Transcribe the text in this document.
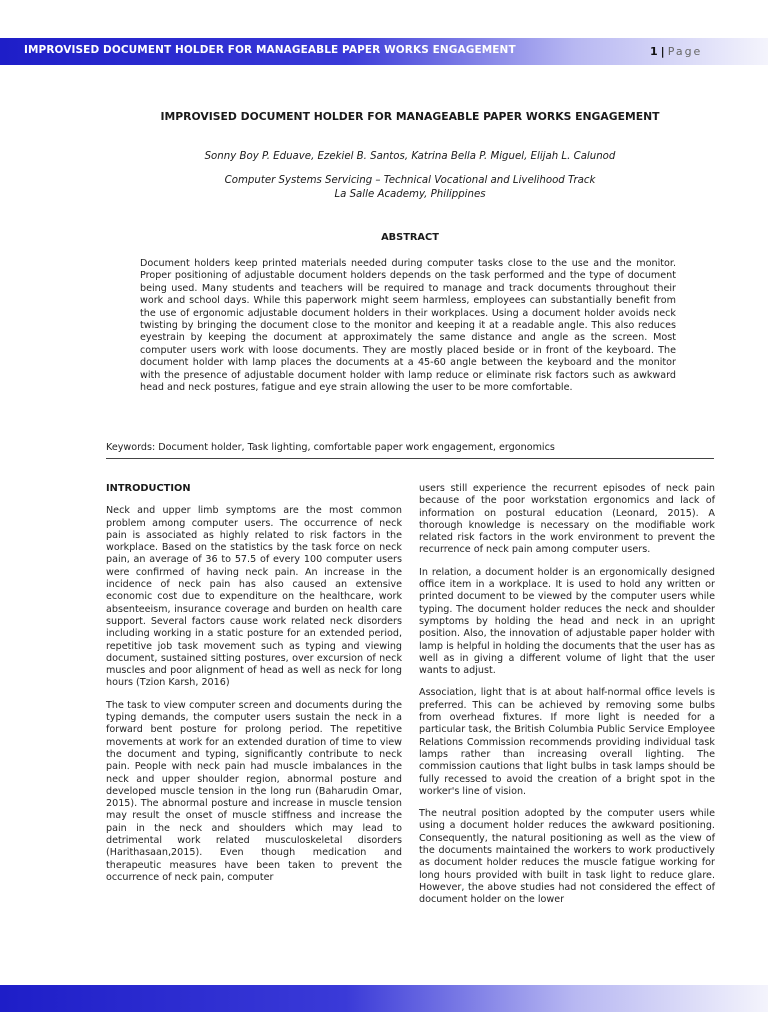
IMPROVISED DOCUMENT HOLDER FOR MANAGEABLE PAPER WORKS ENGAGEMENT	1 | Page
IMPROVISED DOCUMENT HOLDER FOR MANAGEABLE PAPER WORKS ENGAGEMENT
Sonny Boy P. Eduave, Ezekiel B. Santos, Katrina Bella P. Miguel, Elijah L. Calunod
Computer Systems Servicing – Technical Vocational and Livelihood Track
La Salle Academy, Philippines
ABSTRACT
Document holders keep printed materials needed during computer tasks close to the use and the monitor. Proper positioning of adjustable document holders depends on the task performed and the type of document being used. Many students and teachers will be required to manage and track documents throughout their work and school days. While this paperwork might seem harmless, employees can substantially benefit from the use of ergonomic adjustable document holders in their workplaces. Using a document holder avoids neck twisting by bringing the document close to the monitor and keeping it at a readable angle. This also reduces eyestrain by keeping the document at approximately the same distance and angle as the screen. Most computer users work with loose documents. They are mostly placed beside or in front of the keyboard. The document holder with lamp places the documents at a 45-60 angle between the keyboard and the monitor with the presence of adjustable document holder with lamp reduce or eliminate risk factors such as awkward head and neck postures, fatigue and eye strain allowing the user to be more comfortable.
Keywords: Document holder, Task lighting, comfortable paper work engagement, ergonomics
INTRODUCTION

Neck and upper limb symptoms are the most common problem among computer users. The occurrence of neck pain is associated as highly related to risk factors in the workplace. Based on the statistics by the task force on neck pain, an average of 36 to 57.5 of every 100 computer users were confirmed of having neck pain. An increase in the incidence of neck pain has also caused an extensive economic cost due to expenditure on the healthcare, work absenteeism, insurance coverage and burden on health care support. Several factors cause work related neck disorders including working in a static posture for an extended period, repetitive job task movement such as typing and viewing document, sustained sitting postures, over excursion of neck muscles and poor alignment of head as well as neck for long hours (Tzion Karsh, 2016)

The task to view computer screen and documents during the typing demands, the computer users sustain the neck in a forward bent posture for prolong period. The repetitive movements at work for an extended duration of time to view the document and typing, significantly contribute to neck pain. People with neck pain had muscle imbalances in the neck and upper shoulder region, abnormal posture and developed muscle tension in the long run (Baharudin Omar, 2015). The abnormal posture and increase in muscle tension may result the onset of muscle stiffness and increase the pain in the neck and shoulders which may lead to detrimental work related musculoskeletal disorders (Harithasaan,2015). Even though medication and therapeutic measures have been taken to prevent the occurrence of neck pain, computer

users still experience the recurrent episodes of neck pain because of the poor workstation ergonomics and lack of information on postural education (Leonard, 2015). A thorough knowledge is necessary on the modifiable work related risk factors in the work environment to prevent the recurrence of neck pain among computer users.

In relation, a document holder is an ergonomically designed office item in a workplace. It is used to hold any written or printed document to be viewed by the computer users while typing. The document holder reduces the neck and shoulder symptoms by holding the head and neck in an upright position. Also, the innovation of adjustable paper holder with lamp is helpful in holding the documents that the user has as well as in giving a different volume of light that the user wants to adjust.

Association, light that is at about half-normal office levels is preferred. This can be achieved by removing some bulbs from overhead fixtures. If more light is needed for a particular task, the British Columbia Public Service Employee Relations Commission recommends providing individual task lamps rather than increasing overall lighting. The commission cautions that light bulbs in task lamps should be fully recessed to avoid the creation of a bright spot in the worker's line of vision.

The neutral position adopted by the computer users while using a document holder reduces the awkward positioning. Consequently, the natural positioning as well as the view of the documents maintained the workers to work productively as document holder reduces the muscle fatigue working for long hours provided with built in task light to reduce glare. However, the above studies had not considered the effect of document holder on the lower
